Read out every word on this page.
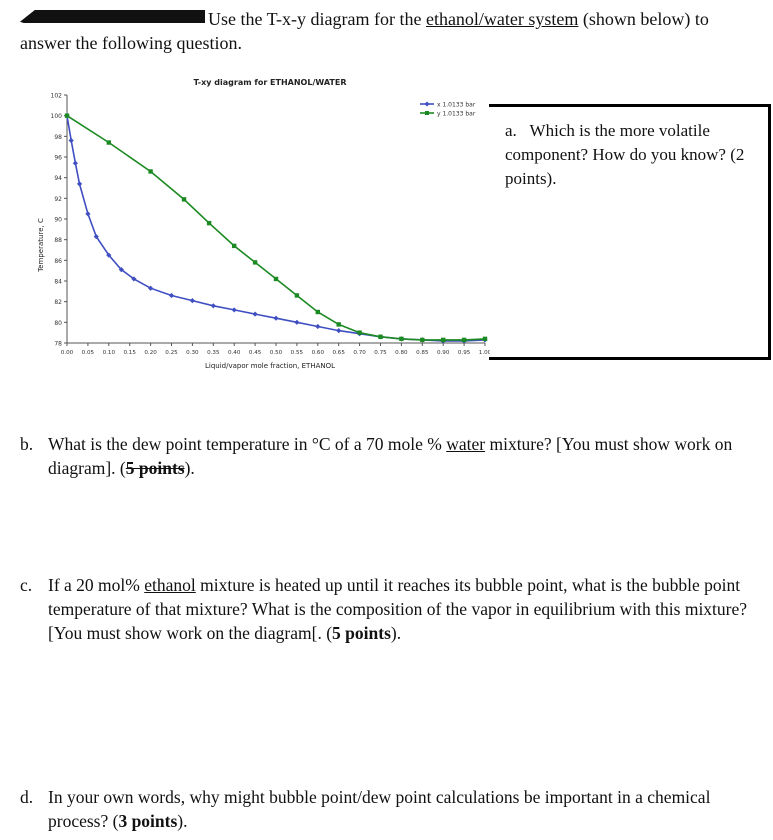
Use the T-x-y diagram for the ethanol/water system (shown below) to
answer the following question.
T-xy diagram for ETHANOL/WATER
Liquid/vapor mole fraction, ETHANOL
Temperature, C
78
80
82
84
86
88
90
92
94
96
98
100
102
0.00 0.05 0.10 0.15 0.20 0.25 0.30 0.35 0.40 0.45 0.50 0.55 0.60 0.65 0.70 0.75 0.80 0.85 0.90 0.95 1.00
x 1.0133 bar
y 1.0133 bar
a. Which is the more volatile component? How do you know? (2 points).
b. What is the dew point temperature in °C of a 70 mole % water mixture? [You must show work on diagram]. (5 points).
c. If a 20 mol% ethanol mixture is heated up until it reaches its bubble point, what is the bubble point temperature of that mixture? What is the composition of the vapor in equilibrium with this mixture? [You must show work on the diagram[. (5 points).
d. In your own words, why might bubble point/dew point calculations be important in a chemical process? (3 points).
